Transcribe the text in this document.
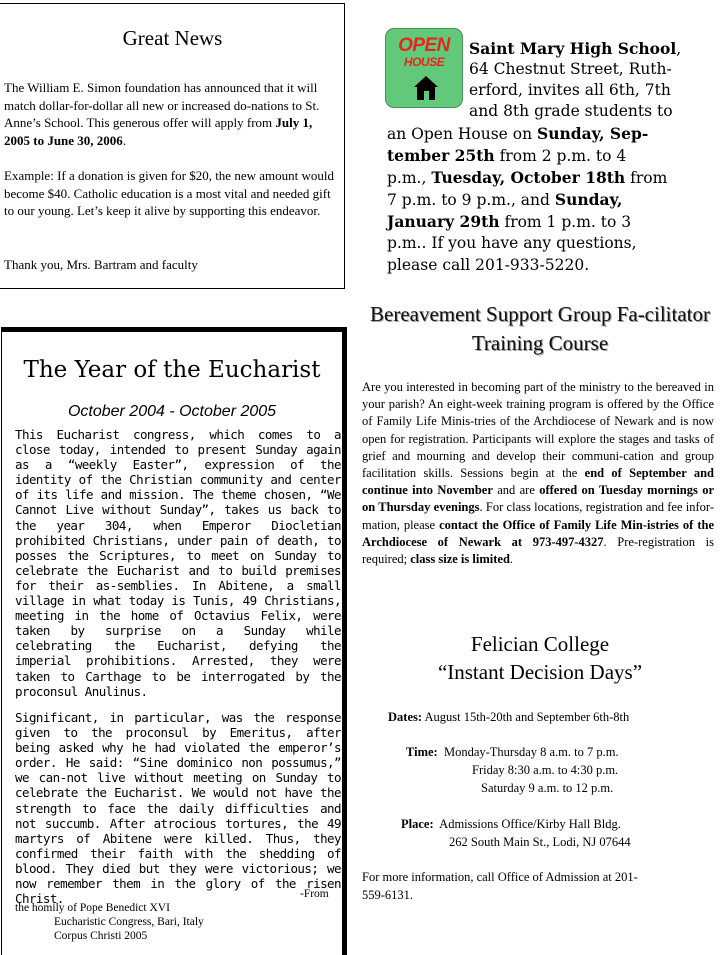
Great News

The William E. Simon foundation has announced that it will match dollar-for-dollar all new or increased do-nations to St. Anne’s School. This generous offer will apply from July 1, 2005 to June 30, 2006.

Example: If a donation is given for $20, the new amount would become $40. Catholic education is a most vital and needed gift to our young. Let’s keep it alive by supporting this endeavor.

Thank you, Mrs. Bartram and faculty

OPEN
HOUSE
Saint Mary High School,
64 Chestnut Street, Ruth-
erford, invites all 6th, 7th
and 8th grade students to
an Open House on Sunday, Sep-
tember 25th from 2 p.m. to 4
p.m., Tuesday, October 18th from
7 p.m. to 9 p.m., and Sunday,
January 29th from 1 p.m. to 3
p.m.. If you have any questions,
please call 201-933-5220.
The Year of the Eucharist
October 2004 - October 2005

This Eucharist congress, which comes to a close today, intended to present Sunday again as a “weekly Easter”, expression of the identity of the Christian community and center of its life and mission. The theme chosen, “We Cannot Live without Sunday”, takes us back to the year 304, when Emperor Diocletian prohibited Christians, under pain of death, to posses the Scriptures, to meet on Sunday to celebrate the Eucharist and to build premises for their as-semblies. In Abitene, a small village in what today is Tunis, 49 Christians, meeting in the home of Octavius Felix, were taken by surprise on a Sunday while celebrating the Eucharist, defying the imperial prohibitions. Arrested, they were taken to Carthage to be interrogated by the proconsul Anulinus.

Significant, in particular, was the response given to the proconsul by Emeritus, after being asked why he had violated the emperor’s order. He said: “Sine dominico non possumus,” we can-not live without meeting on Sunday to celebrate the Eucharist. We would not have the strength to face the daily difficulties and not succumb. After atrocious tortures, the 49 martyrs of Abitene were killed. Thus, they confirmed their faith with the shedding of blood. They died but they were victorious; we now remember them in the glory of the risen Christ.	-From
the homily of Pope Benedict XVI
Eucharistic Congress, Bari, Italy
Corpus Christi 2005
Bereavement Support Group Fa-cilitator Training Course

Are you interested in becoming part of the ministry to the bereaved in your parish? An eight-week training program is offered by the Office of Family Life Minis-tries of the Archdiocese of Newark and is now open for registration. Participants will explore the stages and tasks of grief and mourning and develop their communi-cation and group facilitation skills. Sessions begin at the end of September and continue into November and are offered on Tuesday mornings or on Thursday evenings. For class locations, registration and fee infor-mation, please contact the Office of Family Life Min-istries of the Archdiocese of Newark at 973-497-4327. Pre-registration is required; class size is limited.

Felician College
“Instant Decision Days”
Dates: August 15th-20th and September 6th-8th
Time:  Monday-Thursday 8 a.m. to 7 p.m.
Friday 8:30 a.m. to 4:30 p.m.
Saturday 9 a.m. to 12 p.m.
Place:  Admissions Office/Kirby Hall Bldg.
262 South Main St., Lodi, NJ 07644
For more information, call Office of Admission at 201-
559-6131.
